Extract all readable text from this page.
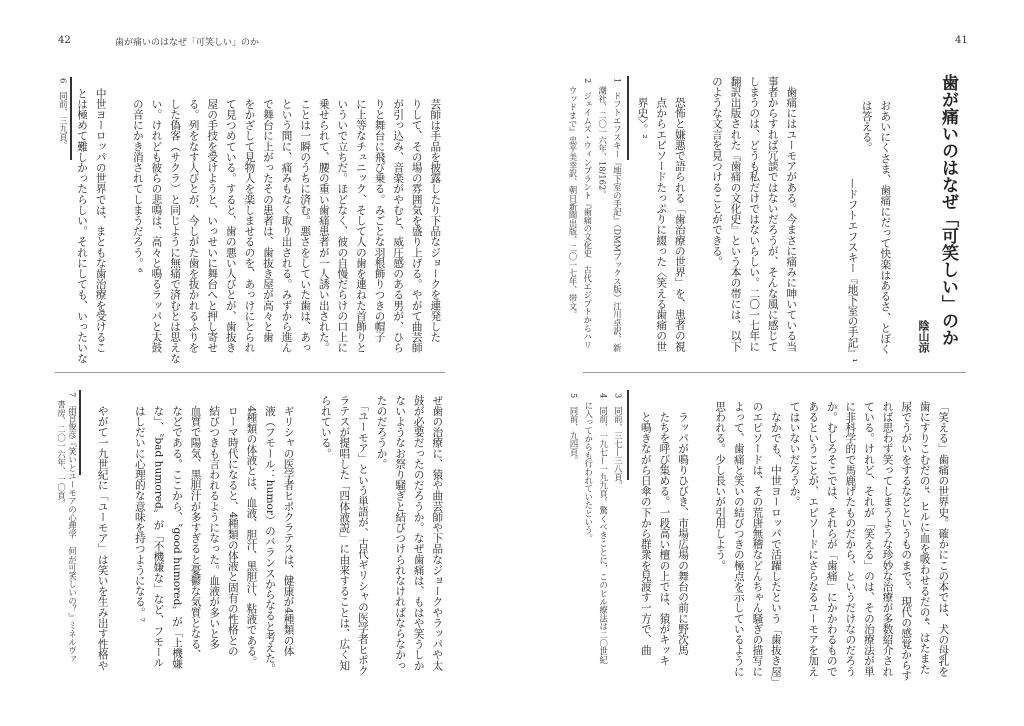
42	歯が痛いのはなぜ「可笑しい」のか
　芸師は手品を披露したり下品なジョークを連発した
　りして、その場の雰囲気を盛り上げる。やがて曲芸師
　が引っ込み、音楽がやむと、威圧感のある男が、ひら
　りと舞台に飛び乗る。みごとな羽根飾りつきの帽子
　に上等なチュニック、そして人の歯を連ねた首飾りと
　いういで立ちだ。ほどなく、彼の自慢だらけの口上に
　乗せられて、腰の重い歯痛患者が一人誘い出された。
　ことは一瞬のうちに済む。悪さをしていた歯は、あっ
　という間に、痛みもなく取り出される。みずから進ん
　で舞台に上がったその患者は、歯抜き屋が高々と歯
　をかざして見物人を楽しませるのを、あっけにとられ
　て見つめている。すると、歯の悪い人びとが、歯抜き
　屋の手技を受けようと、いっせいに舞台へと押し寄せ
　る。列をなす人びとが、今しがた歯を抜かれるふりを
　した偽客（サクラ）と同じように無痛で済むとは思えな
　い。けれども彼らの悲鳴は、高々と鳴るラッパと太鼓
　の音にかき消されてしまうだろう。⁶

中世ヨーロッパの世界では、まともな歯治療を受けるこ
とは極めて難しかったらしい。それにしても、いったいな
6　同前、三九頁。
ぜ歯の治療に、猿や曲芸師や下品なジョークやラッパや太
鼓が必要だったのだろうか。なぜ歯痛は、もはや笑うしか
ないようなお祭り騒ぎと結びつけられなければならなかっ
たのだろうか。
　「ユーモア」という単語が、古代ギリシャの医学者ヒポク
ラテスが提唱した「四体液説」に由来することは、広く知
られている。

　ギリシャの医学者ヒポクラテスは、健康が4種類の体
　液（フモール：humor）のバランスからなると考えた。
　4種類の体液とは、血液、胆汁、黒胆汁、粘液である。
　ローマ時代になると、4種類の体液と固有の性格との
　結びつきも言われるようになった。血液が多いと多
　血質で陽気、黒胆汁が多すぎると憂鬱な気質となる、
　などである。ここから、〝good humored〟が「上機嫌
　な」、〝bad humored〟が「不機嫌な」など、フモール
　はしだいに心理的な意味を持つようになる。⁷

　やがて一九世紀に「ユーモア」は笑いを生み出す性格や
7　雨宮俊彦『笑いとユーモアの心理学　何が可笑しいの？』ミネルヴァ
　書房、二〇一六年、一〇頁。
41
歯が痛いのはなぜ「可笑しい」のか
陰山涼
—ドフトエフスキー『地下室の手記』¹	おあいにくさま、歯痛にだって快楽はあるさ、とぼく
は答える。
　歯痛にはユーモアがある。今まさに痛みに呻いている当
事者からすれば冗談ではないだろうが、そんな風に感じて
しまうのは、どうも私だけではないらしい。二〇一七年に
翻訳出版された『歯痛の文化史』という本の帯には、以下
のような文言を見つけることができる。

　　恐怖と嫌悪で語られる「歯治療の世界」を、患者の視
　　点からエピソードたっぷりに綴った〈笑える歯痛の世
　　界史〉。²
1　ドフトエフスキー『地下室の手記』（DMMブックス版）江川卓訳、新
　潮社、二〇一六年、18/162。
2　ジェイムズ・ウィンブラント『歯痛の文化史　古代エジプトからハリ
　ウッドまで』忠平美幸訳、朝日新聞出版、二〇一七年、帯文。
「笑える」歯痛の世界史。確かにこの本では、犬の母乳を
歯にすりこむだの³、ヒルに血を吸わせるだの⁴、はたまた
尿でうがいをするなどというものまで⁵、現代の感覚からす
れば思わず笑ってしまうような珍妙な治療が多数紹介され
ている。けれど、それが「笑える」のは、その治療法が単
に非科学的で馬鹿げたものだから、というだけなのだろう
か。むしろそこでは、それらが「歯痛」にかかわるもので
あるということが、エピソードにさらなるユーモアを加え
てはいないだろうか。
　なかでも、中世ヨーロッパで活躍したという「歯抜き屋」
のエピソードは、その荒唐無稽などんちゃん騒ぎの描写に
よって、歯痛と笑いの結びつきの極点を示しているように
思われる。少し長いが引用しよう。

　ラッパが鳴りひびき、市場広場の舞台の前に野次馬
　たちを呼び集める。一段高い檀の上では、猿がキッキ
　と鳴きながら日傘の下から群衆を見渡す一方で、曲
3　同前、三七—三八頁。
4　同前、一九七—一九九頁。驚くべきことに、このヒル療法は二〇世紀
　に入ってからも行われていたという。
5　同前、九四頁。
